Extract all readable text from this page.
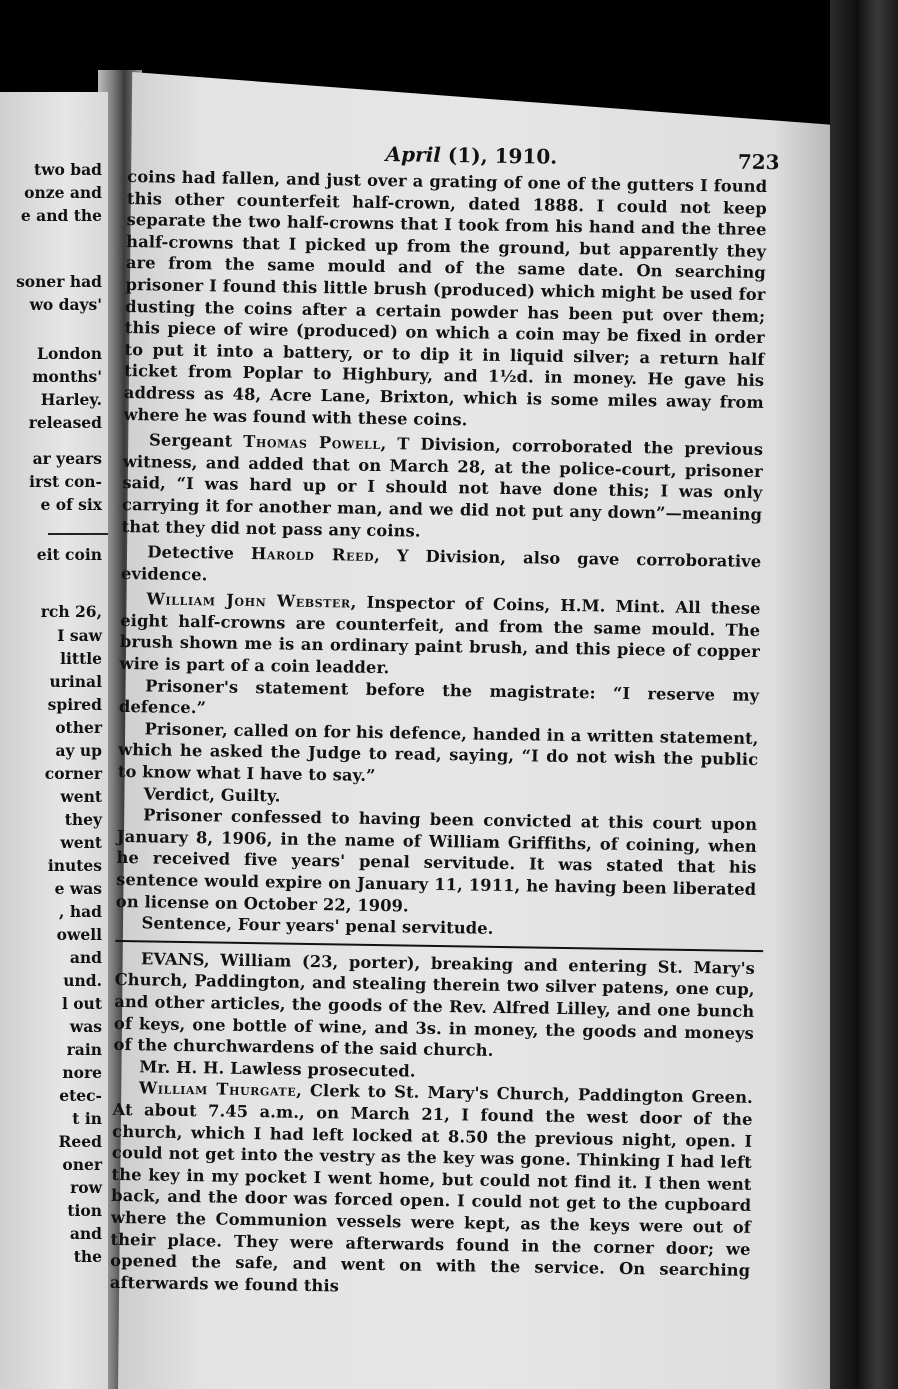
two bad
onze and
e and the
soner had
wo days'
London
months'
Harley.
released
ar years
irst con-
e of six
eit coin
rch 26,
I saw
little
urinal
spired
other
ay up
corner
went
they
went
inutes
e was
, had
owell
and
und.
l out
was
rain
nore
etec-
t in
Reed
oner
row
tion
and
the
April (1), 1910.	723

coins had fallen, and just over a grating of one of the gutters I found this other counterfeit half-crown, dated 1888. I could not keep separate the two half-crowns that I took from his hand and the three half-crowns that I picked up from the ground, but apparently they are from the same mould and of the same date. On searching prisoner I found this little brush (produced) which might be used for dusting the coins after a certain powder has been put over them; this piece of wire (produced) on which a coin may be fixed in order to put it into a battery, or to dip it in liquid silver; a return half ticket from Poplar to Highbury, and 1½d. in money. He gave his address as 48, Acre Lane, Brixton, which is some miles away from where he was found with these coins.

Sergeant Thomas Powell, T Division, corroborated the previous witness, and added that on March 28, at the police-court, prisoner said, “I was hard up or I should not have done this; I was only carrying it for another man, and we did not put any down”—meaning that they did not pass any coins.

Detective Harold Reed, Y Division, also gave corroborative evidence.

William John Webster, Inspector of Coins, H.M. Mint. All these eight half-crowns are counterfeit, and from the same mould. The brush shown me is an ordinary paint brush, and this piece of copper wire is part of a coin leadder.

Prisoner's statement before the magistrate: “I reserve my defence.”

Prisoner, called on for his defence, handed in a written statement, which he asked the Judge to read, saying, “I do not wish the public to know what I have to say.”

Verdict, Guilty.

Prisoner confessed to having been convicted at this court upon January 8, 1906, in the name of William Griffiths, of coining, when he received five years' penal servitude. It was stated that his sentence would expire on January 11, 1911, he having been liberated on license on October 22, 1909.

Sentence, Four years' penal servitude.

EVANS, William (23, porter), breaking and entering St. Mary's Church, Paddington, and stealing therein two silver patens, one cup, and other articles, the goods of the Rev. Alfred Lilley, and one bunch of keys, one bottle of wine, and 3s. in money, the goods and moneys of the churchwardens of the said church.

Mr. H. H. Lawless prosecuted.

William Thurgate, Clerk to St. Mary's Church, Paddington Green. At about 7.45 a.m., on March 21, I found the west door of the church, which I had left locked at 8.50 the previous night, open. I could not get into the vestry as the key was gone. Thinking I had left the key in my pocket I went home, but could not find it. I then went back, and the door was forced open. I could not get to the cupboard where the Communion vessels were kept, as the keys were out of their place. They were afterwards found in the corner door; we opened the safe, and went on with the service. On searching afterwards we found this
